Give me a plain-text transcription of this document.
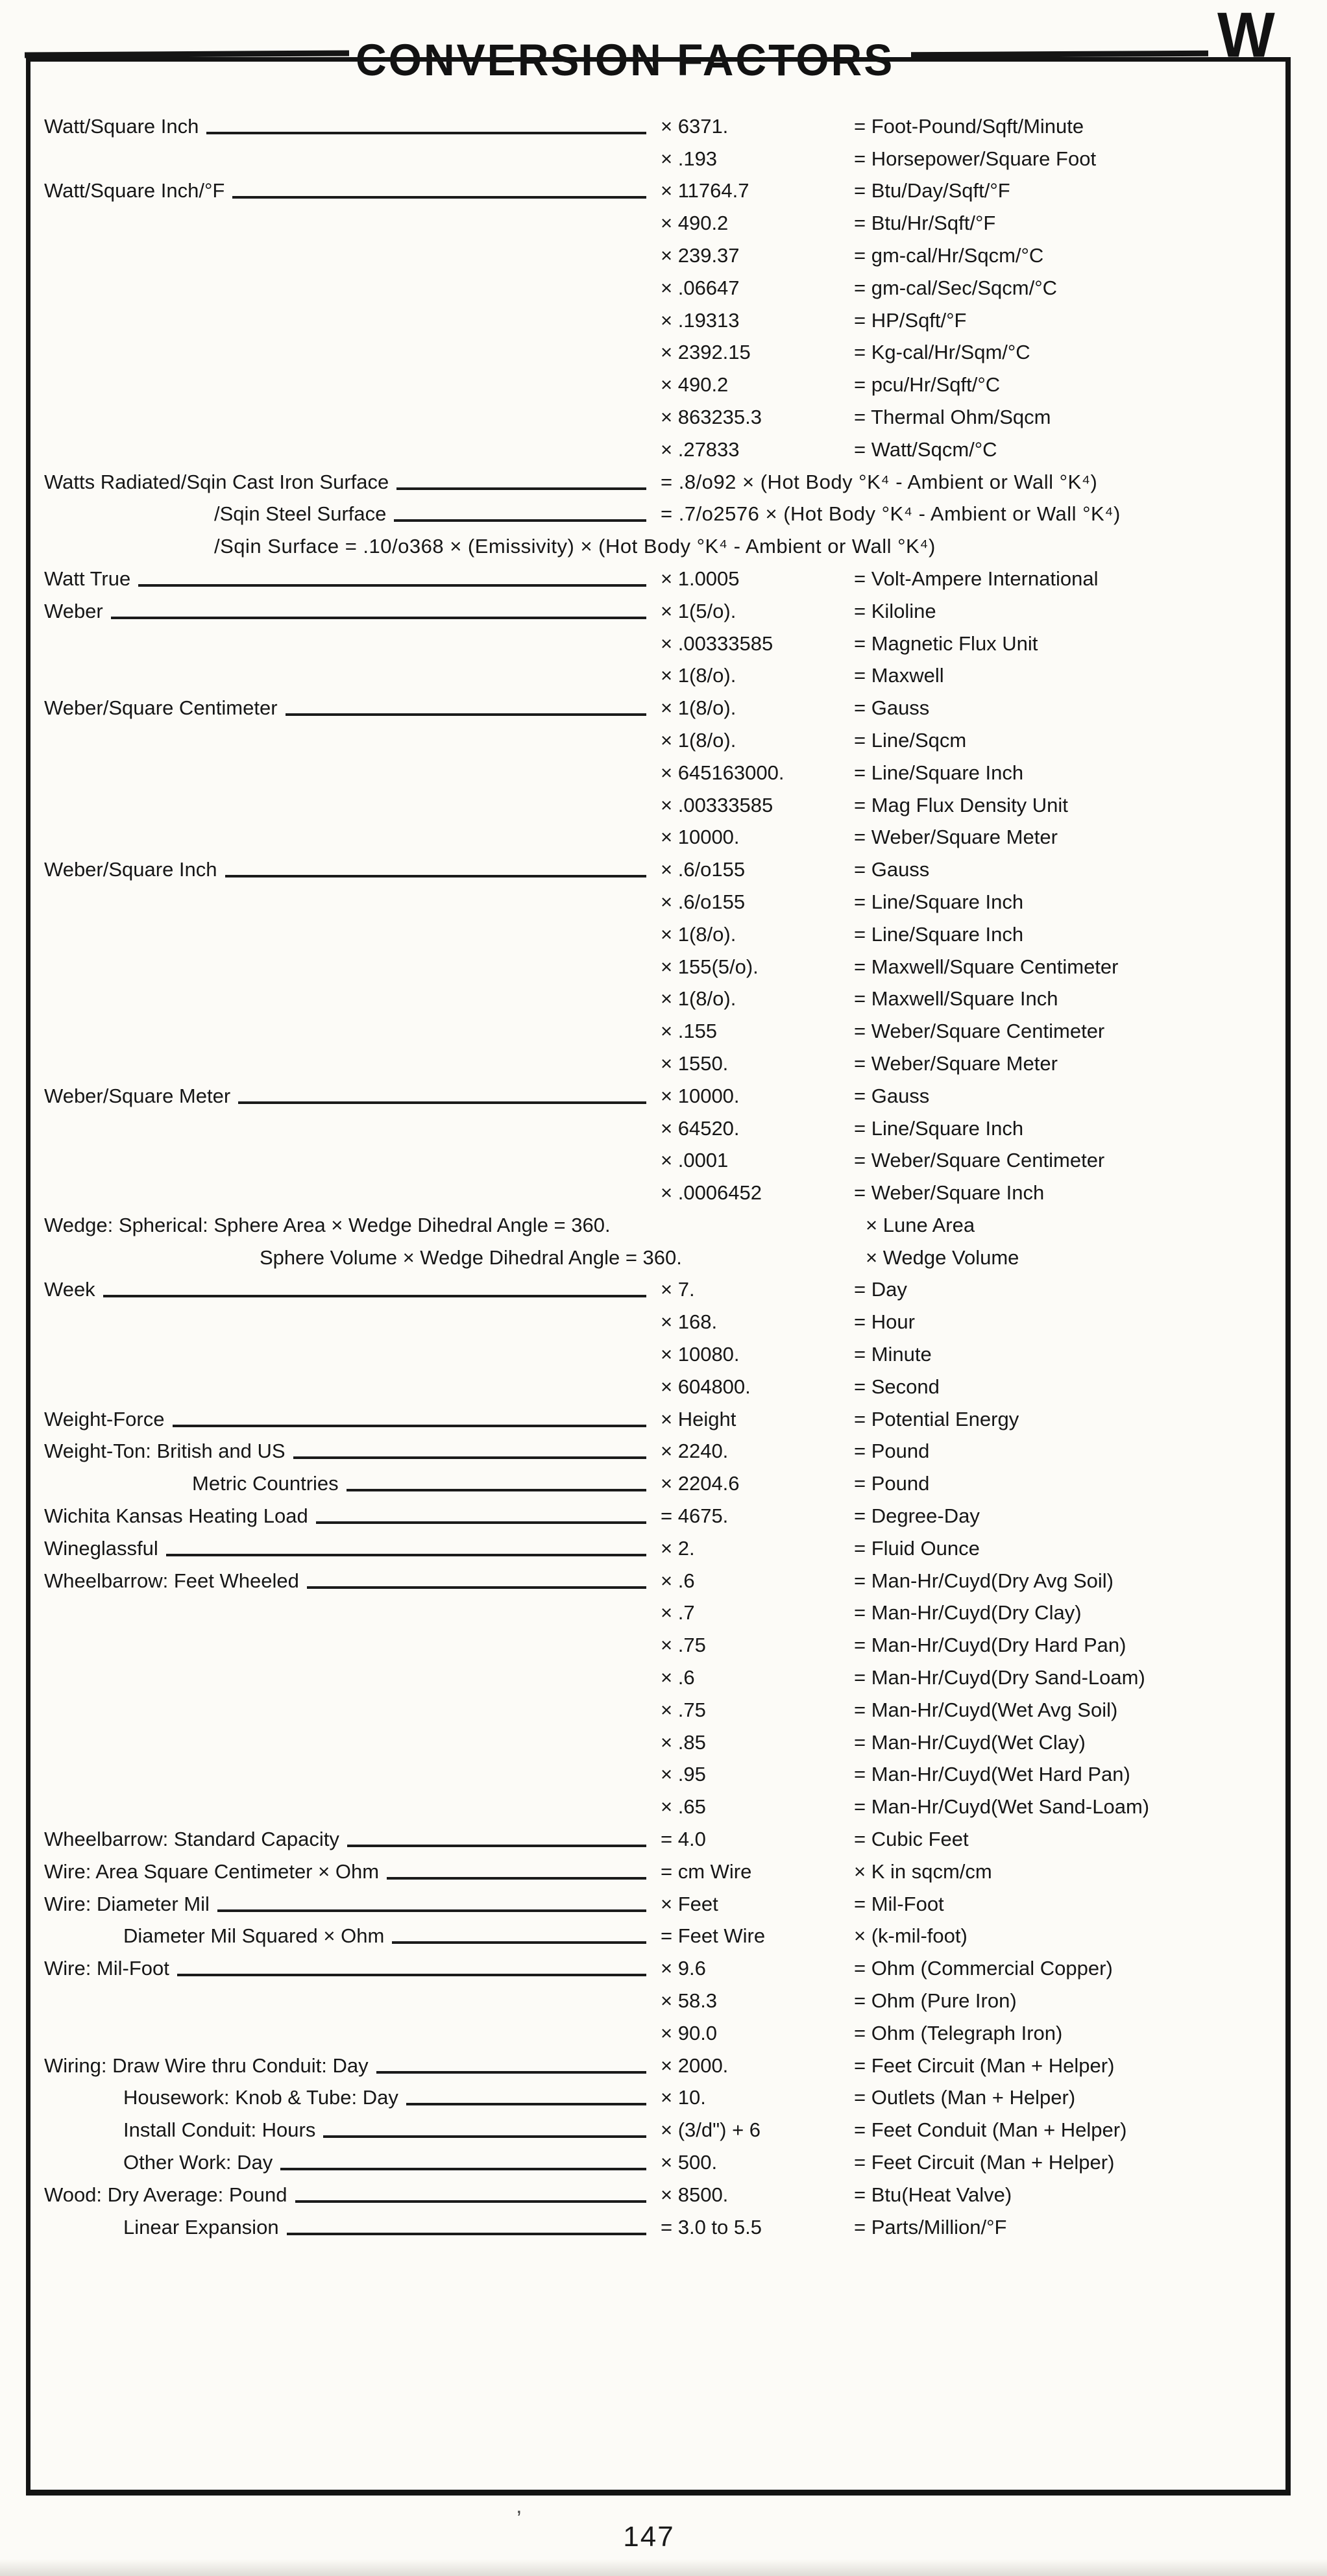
CONVERSION FACTORS	W
Watt/Square Inch	× 6371.	= Foot-Pound/Sqft/Minute
× .193	= Horsepower/Square Foot
Watt/Square Inch/°F	× 11764.7	= Btu/Day/Sqft/°F
× 490.2	= Btu/Hr/Sqft/°F
× 239.37	= gm-cal/Hr/Sqcm/°C
× .06647	= gm-cal/Sec/Sqcm/°C
× .19313	= HP/Sqft/°F
× 2392.15	= Kg-cal/Hr/Sqm/°C
× 490.2	= pcu/Hr/Sqft/°C
× 863235.3	= Thermal Ohm/Sqcm
× .27833	= Watt/Sqcm/°C
Watts Radiated/Sqin Cast Iron Surface	= .8/o92 × (Hot Body °K⁴ - Ambient or Wall °K⁴)
/Sqin Steel Surface	= .7/o2576 × (Hot Body °K⁴ - Ambient or Wall °K⁴)
/Sqin Surface = .10/o368 × (Emissivity) × (Hot Body °K⁴ - Ambient or Wall °K⁴)
Watt True	× 1.0005	= Volt-Ampere International
Weber	× 1(5/o).	= Kiloline
× .00333585	= Magnetic Flux Unit
× 1(8/o).	= Maxwell
Weber/Square Centimeter	× 1(8/o).	= Gauss
× 1(8/o).	= Line/Sqcm
× 645163000.	= Line/Square Inch
× .00333585	= Mag Flux Density Unit
× 10000.	= Weber/Square Meter
Weber/Square Inch	× .6/o155	= Gauss
× .6/o155	= Line/Square Inch
× 1(8/o).	= Line/Square Inch
× 155(5/o).	= Maxwell/Square Centimeter
× 1(8/o).	= Maxwell/Square Inch
× .155	= Weber/Square Centimeter
× 1550.	= Weber/Square Meter
Weber/Square Meter	× 10000.	= Gauss
× 64520.	= Line/Square Inch
× .0001	= Weber/Square Centimeter
× .0006452	= Weber/Square Inch
Wedge: Spherical: Sphere Area × Wedge Dihedral Angle = 360.	× Lune Area
Sphere Volume × Wedge Dihedral Angle = 360.	× Wedge Volume
Week	× 7.	= Day
× 168.	= Hour
× 10080.	= Minute
× 604800.	= Second
Weight-Force	× Height	= Potential Energy
Weight-Ton: British and US	× 2240.	= Pound
Metric Countries	× 2204.6	= Pound
Wichita Kansas Heating Load	= 4675.	= Degree-Day
Wineglassful	× 2.	= Fluid Ounce
Wheelbarrow: Feet Wheeled	× .6	= Man-Hr/Cuyd(Dry Avg Soil)
× .7	= Man-Hr/Cuyd(Dry Clay)
× .75	= Man-Hr/Cuyd(Dry Hard Pan)
× .6	= Man-Hr/Cuyd(Dry Sand-Loam)
× .75	= Man-Hr/Cuyd(Wet Avg Soil)
× .85	= Man-Hr/Cuyd(Wet Clay)
× .95	= Man-Hr/Cuyd(Wet Hard Pan)
× .65	= Man-Hr/Cuyd(Wet Sand-Loam)
Wheelbarrow: Standard Capacity	= 4.0	= Cubic Feet
Wire: Area Square Centimeter × Ohm	= cm Wire	× K in sqcm/cm
Wire: Diameter Mil	× Feet	= Mil-Foot
Diameter Mil Squared × Ohm	= Feet Wire	× (k-mil-foot)
Wire: Mil-Foot	× 9.6	= Ohm (Commercial Copper)
× 58.3	= Ohm (Pure Iron)
× 90.0	= Ohm (Telegraph Iron)
Wiring: Draw Wire thru Conduit: Day	× 2000.	= Feet Circuit (Man + Helper)
Housework: Knob & Tube: Day	× 10.	= Outlets (Man + Helper)
Install Conduit: Hours	× (3/d") + 6	= Feet Conduit (Man + Helper)
Other Work: Day	× 500.	= Feet Circuit (Man + Helper)
Wood: Dry Average: Pound	× 8500.	= Btu(Heat Valve)
Linear Expansion	= 3.0 to 5.5	= Parts/Million/°F
’
147
